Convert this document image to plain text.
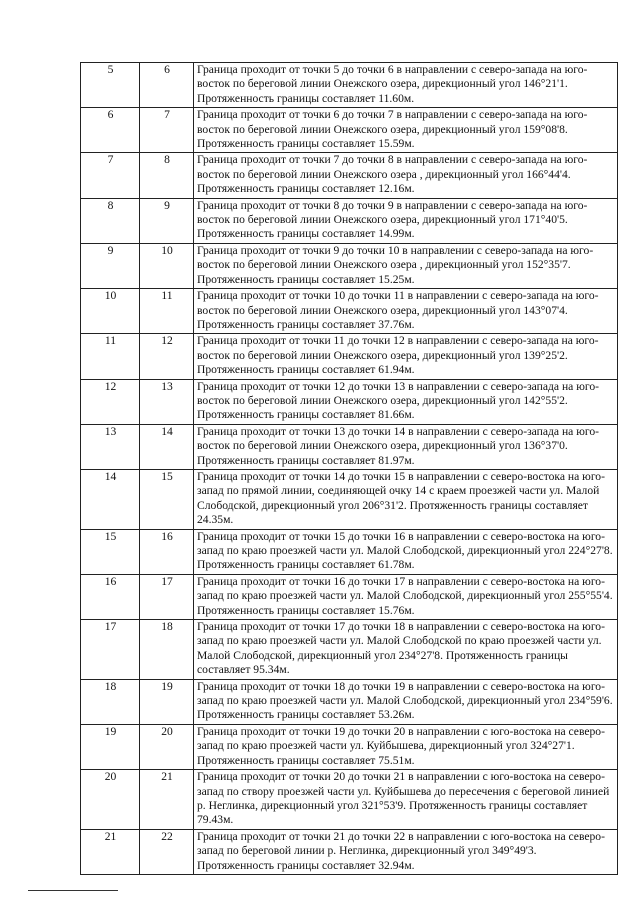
5	6	Граница проходит от точки 5 до точки 6 в направлении с северо-запада на юго-восток по береговой линии Онежского озера, дирекционный угол 146°21'1. Протяженность границы составляет 11.60м.
6	7	Граница проходит от точки 6 до точки 7 в направлении с северо-запада на юго-восток по береговой линии Онежского озера, дирекционный угол 159°08'8. Протяженность границы составляет 15.59м.
7	8	Граница проходит от точки 7 до точки 8 в направлении с северо-запада на юго-восток по береговой линии Онежского озера , дирекционный угол 166°44'4. Протяженность границы составляет 12.16м.
8	9	Граница проходит от точки 8 до точки 9 в направлении с северо-запада на юго-восток по береговой линии Онежского озера, дирекционный угол 171°40'5. Протяженность границы составляет 14.99м.
9	10	Граница проходит от точки 9 до точки 10 в направлении с северо-запада на юго-восток по береговой линии Онежского озера , дирекционный угол 152°35'7. Протяженность границы составляет 15.25м.
10	11	Граница проходит от точки 10 до точки 11 в направлении с северо-запада на юго-восток по береговой линии Онежского озера, дирекционный угол 143°07'4. Протяженность границы составляет 37.76м.
11	12	Граница проходит от точки 11 до точки 12 в направлении с северо-запада на юго-восток по береговой линии Онежского озера, дирекционный угол 139°25'2. Протяженность границы составляет 61.94м.
12	13	Граница проходит от точки 12 до точки 13 в направлении с северо-запада на юго-восток по береговой линии Онежского озера, дирекционный угол 142°55'2. Протяженность границы составляет 81.66м.
13	14	Граница проходит от точки 13 до точки 14 в направлении с северо-запада на юго-восток по береговой линии Онежского озера, дирекционный угол 136°37'0. Протяженность границы составляет 81.97м.
14	15	Граница проходит от точки 14 до точки 15 в направлении с северо-востока на юго-запад по прямой линии, соединяющей очку 14 с краем проезжей части ул. Малой Слободской, дирекционный угол 206°31'2. Протяженность границы составляет 24.35м.
15	16	Граница проходит от точки 15 до точки 16 в направлении с северо-востока на юго-запад по краю проезжей части ул. Малой Слободской, дирекционный угол 224°27'8. Протяженность границы составляет 61.78м.
16	17	Граница проходит от точки 16 до точки 17 в направлении с северо-востока на юго-запад по краю проезжей части ул. Малой Слободской, дирекционный угол 255°55'4. Протяженность границы составляет 15.76м.
17	18	Граница проходит от точки 17 до точки 18 в направлении с северо-востока на юго-запад по краю проезжей части ул. Малой Слободской по краю проезжей части ул. Малой Слободской, дирекционный угол 234°27'8. Протяженность границы составляет 95.34м.
18	19	Граница проходит от точки 18 до точки 19 в направлении с северо-востока на юго-запад по краю проезжей части ул. Малой Слободской, дирекционный угол 234°59'6. Протяженность границы составляет 53.26м.
19	20	Граница проходит от точки 19 до точки 20 в направлении с юго-востока на северо-запад по краю проезжей части ул. Куйбышева, дирекционный угол 324°27'1. Протяженность границы составляет 75.51м.
20	21	Граница проходит от точки 20 до точки 21 в направлении с юго-востока на северо-запад по створу проезжей части ул. Куйбышева до пересечения с береговой линией р. Неглинка, дирекционный угол 321°53'9. Протяженность границы составляет 79.43м.
21	22	Граница проходит от точки 21 до точки 22 в направлении с юго-востока на северо-запад по береговой линии р. Неглинка, дирекционный угол 349°49'3. Протяженность границы составляет 32.94м.
